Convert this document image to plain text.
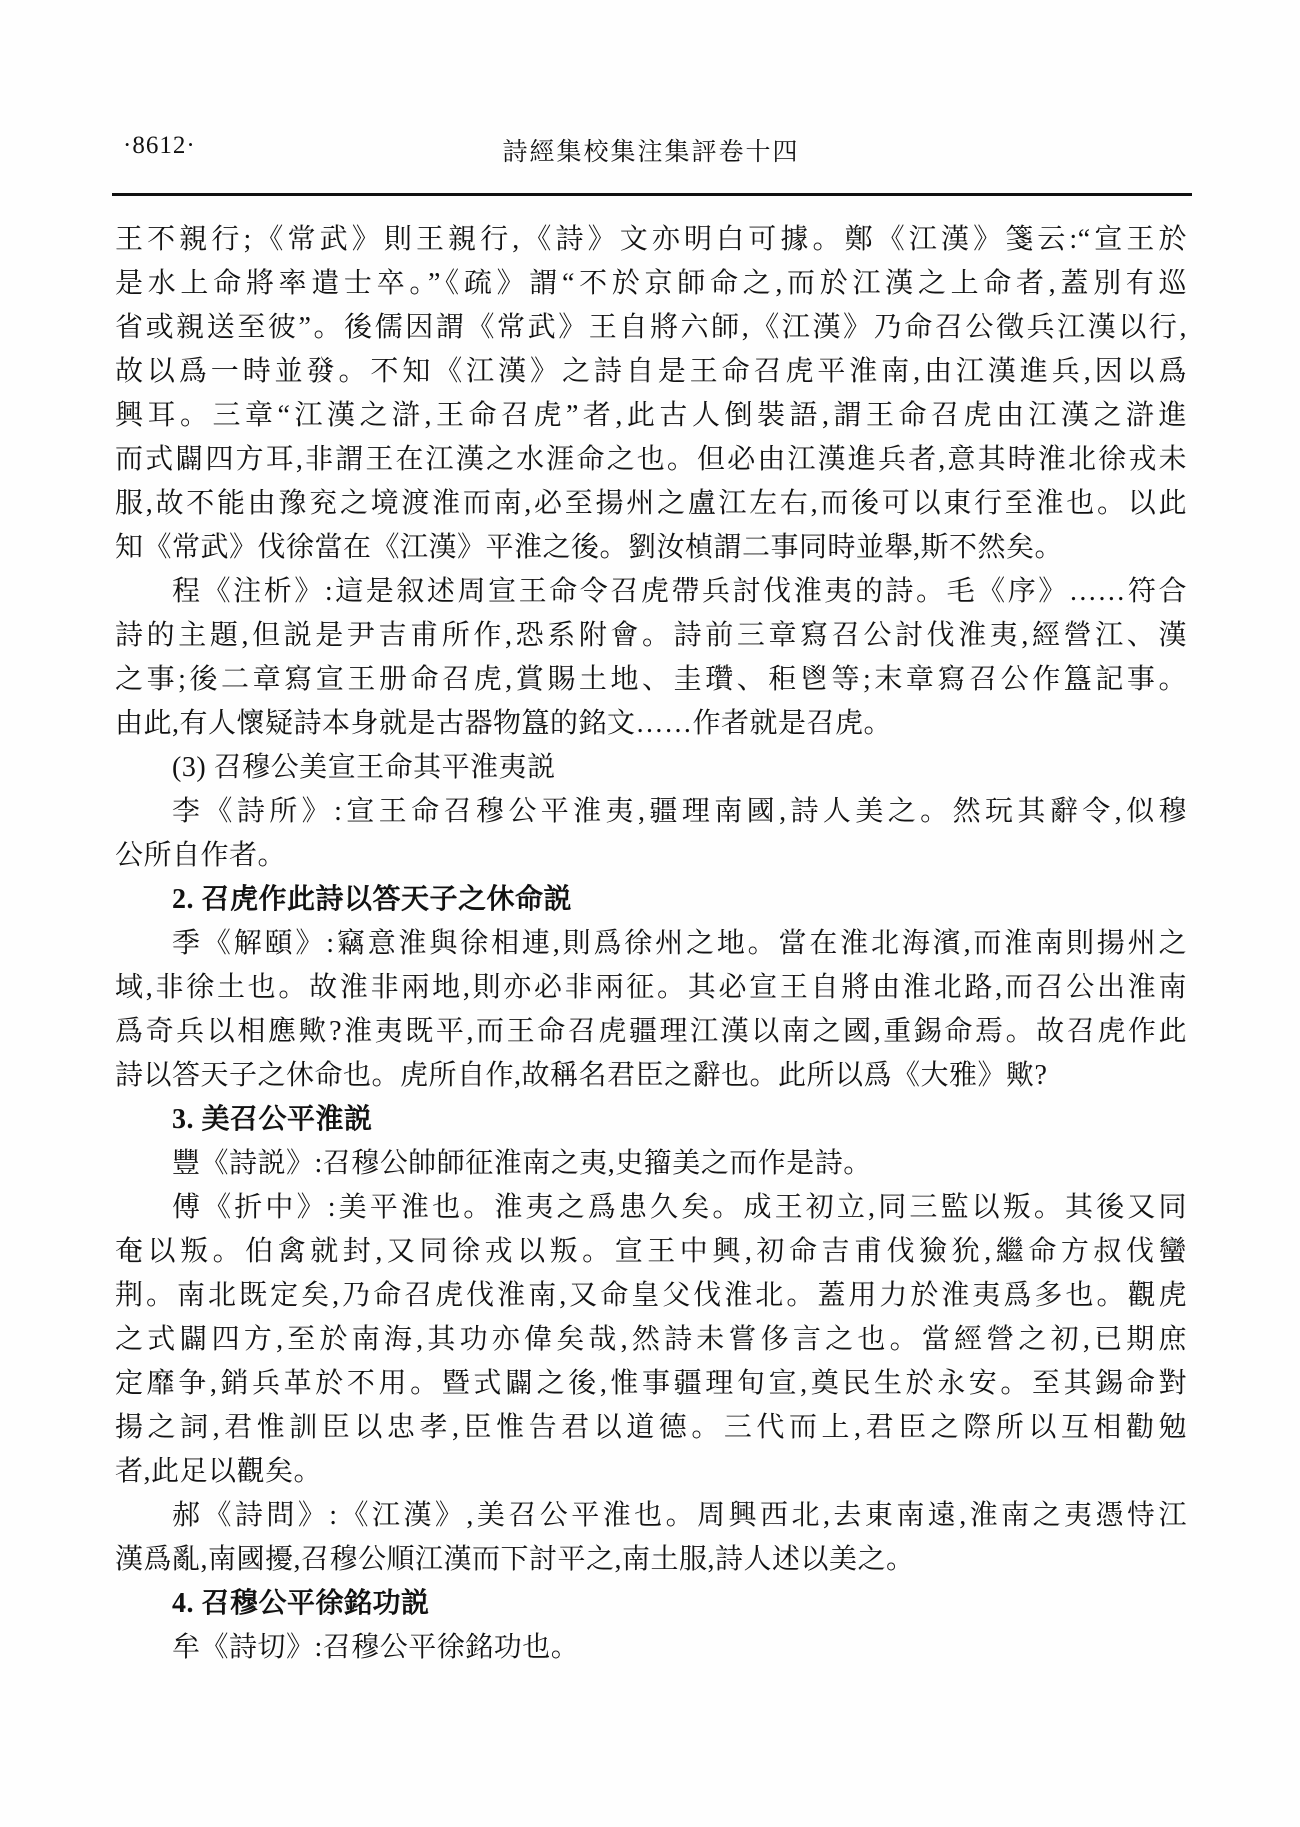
·8612·	詩經集校集注集評卷十四
王不親行;《常武》則王親行,《詩》文亦明白可據。鄭《江漢》箋云:“宣王於
是水上命將率遣士卒。”《疏》謂“不於京師命之,而於江漢之上命者,蓋別有巡
省或親送至彼”。後儒因謂《常武》王自將六師,《江漢》乃命召公徵兵江漢以行,
故以爲一時並發。不知《江漢》之詩自是王命召虎平淮南,由江漢進兵,因以爲
興耳。三章“江漢之滸,王命召虎”者,此古人倒裝語,謂王命召虎由江漢之滸進
而式闢四方耳,非謂王在江漢之水涯命之也。但必由江漢進兵者,意其時淮北徐戎未
服,故不能由豫兖之境渡淮而南,必至揚州之盧江左右,而後可以東行至淮也。以此
知《常武》伐徐當在《江漢》平淮之後。劉汝楨謂二事同時並舉,斯不然矣。
程《注析》:這是叙述周宣王命令召虎帶兵討伐淮夷的詩。毛《序》……符合
詩的主題,但説是尹吉甫所作,恐系附會。詩前三章寫召公討伐淮夷,經營江、漢
之事;後二章寫宣王册命召虎,賞賜土地、圭瓚、秬鬯等;末章寫召公作簋記事。
由此,有人懷疑詩本身就是古器物簋的銘文……作者就是召虎。
(3) 召穆公美宣王命其平淮夷説
李《詩所》:宣王命召穆公平淮夷,疆理南國,詩人美之。然玩其辭令,似穆
公所自作者。
2. 召虎作此詩以答天子之休命説
季《解頤》:竊意淮與徐相連,則爲徐州之地。當在淮北海濱,而淮南則揚州之
域,非徐土也。故淮非兩地,則亦必非兩征。其必宣王自將由淮北路,而召公出淮南
爲奇兵以相應歟?淮夷既平,而王命召虎疆理江漢以南之國,重錫命焉。故召虎作此
詩以答天子之休命也。虎所自作,故稱名君臣之辭也。此所以爲《大雅》歟?
3. 美召公平淮説
豐《詩説》:召穆公帥師征淮南之夷,史籀美之而作是詩。
傅《折中》:美平淮也。淮夷之爲患久矣。成王初立,同三監以叛。其後又同
奄以叛。伯禽就封,又同徐戎以叛。宣王中興,初命吉甫伐獫狁,繼命方叔伐蠻
荆。南北既定矣,乃命召虎伐淮南,又命皇父伐淮北。蓋用力於淮夷爲多也。觀虎
之式闢四方,至於南海,其功亦偉矣哉,然詩未嘗侈言之也。當經營之初,已期庶
定靡争,銷兵革於不用。暨式闢之後,惟事疆理旬宣,奠民生於永安。至其錫命對
揚之詞,君惟訓臣以忠孝,臣惟告君以道德。三代而上,君臣之際所以互相勸勉
者,此足以觀矣。
郝《詩問》:《江漢》,美召公平淮也。周興西北,去東南遠,淮南之夷憑恃江
漢爲亂,南國擾,召穆公順江漢而下討平之,南土服,詩人述以美之。
4. 召穆公平徐銘功説
牟《詩切》:召穆公平徐銘功也。
